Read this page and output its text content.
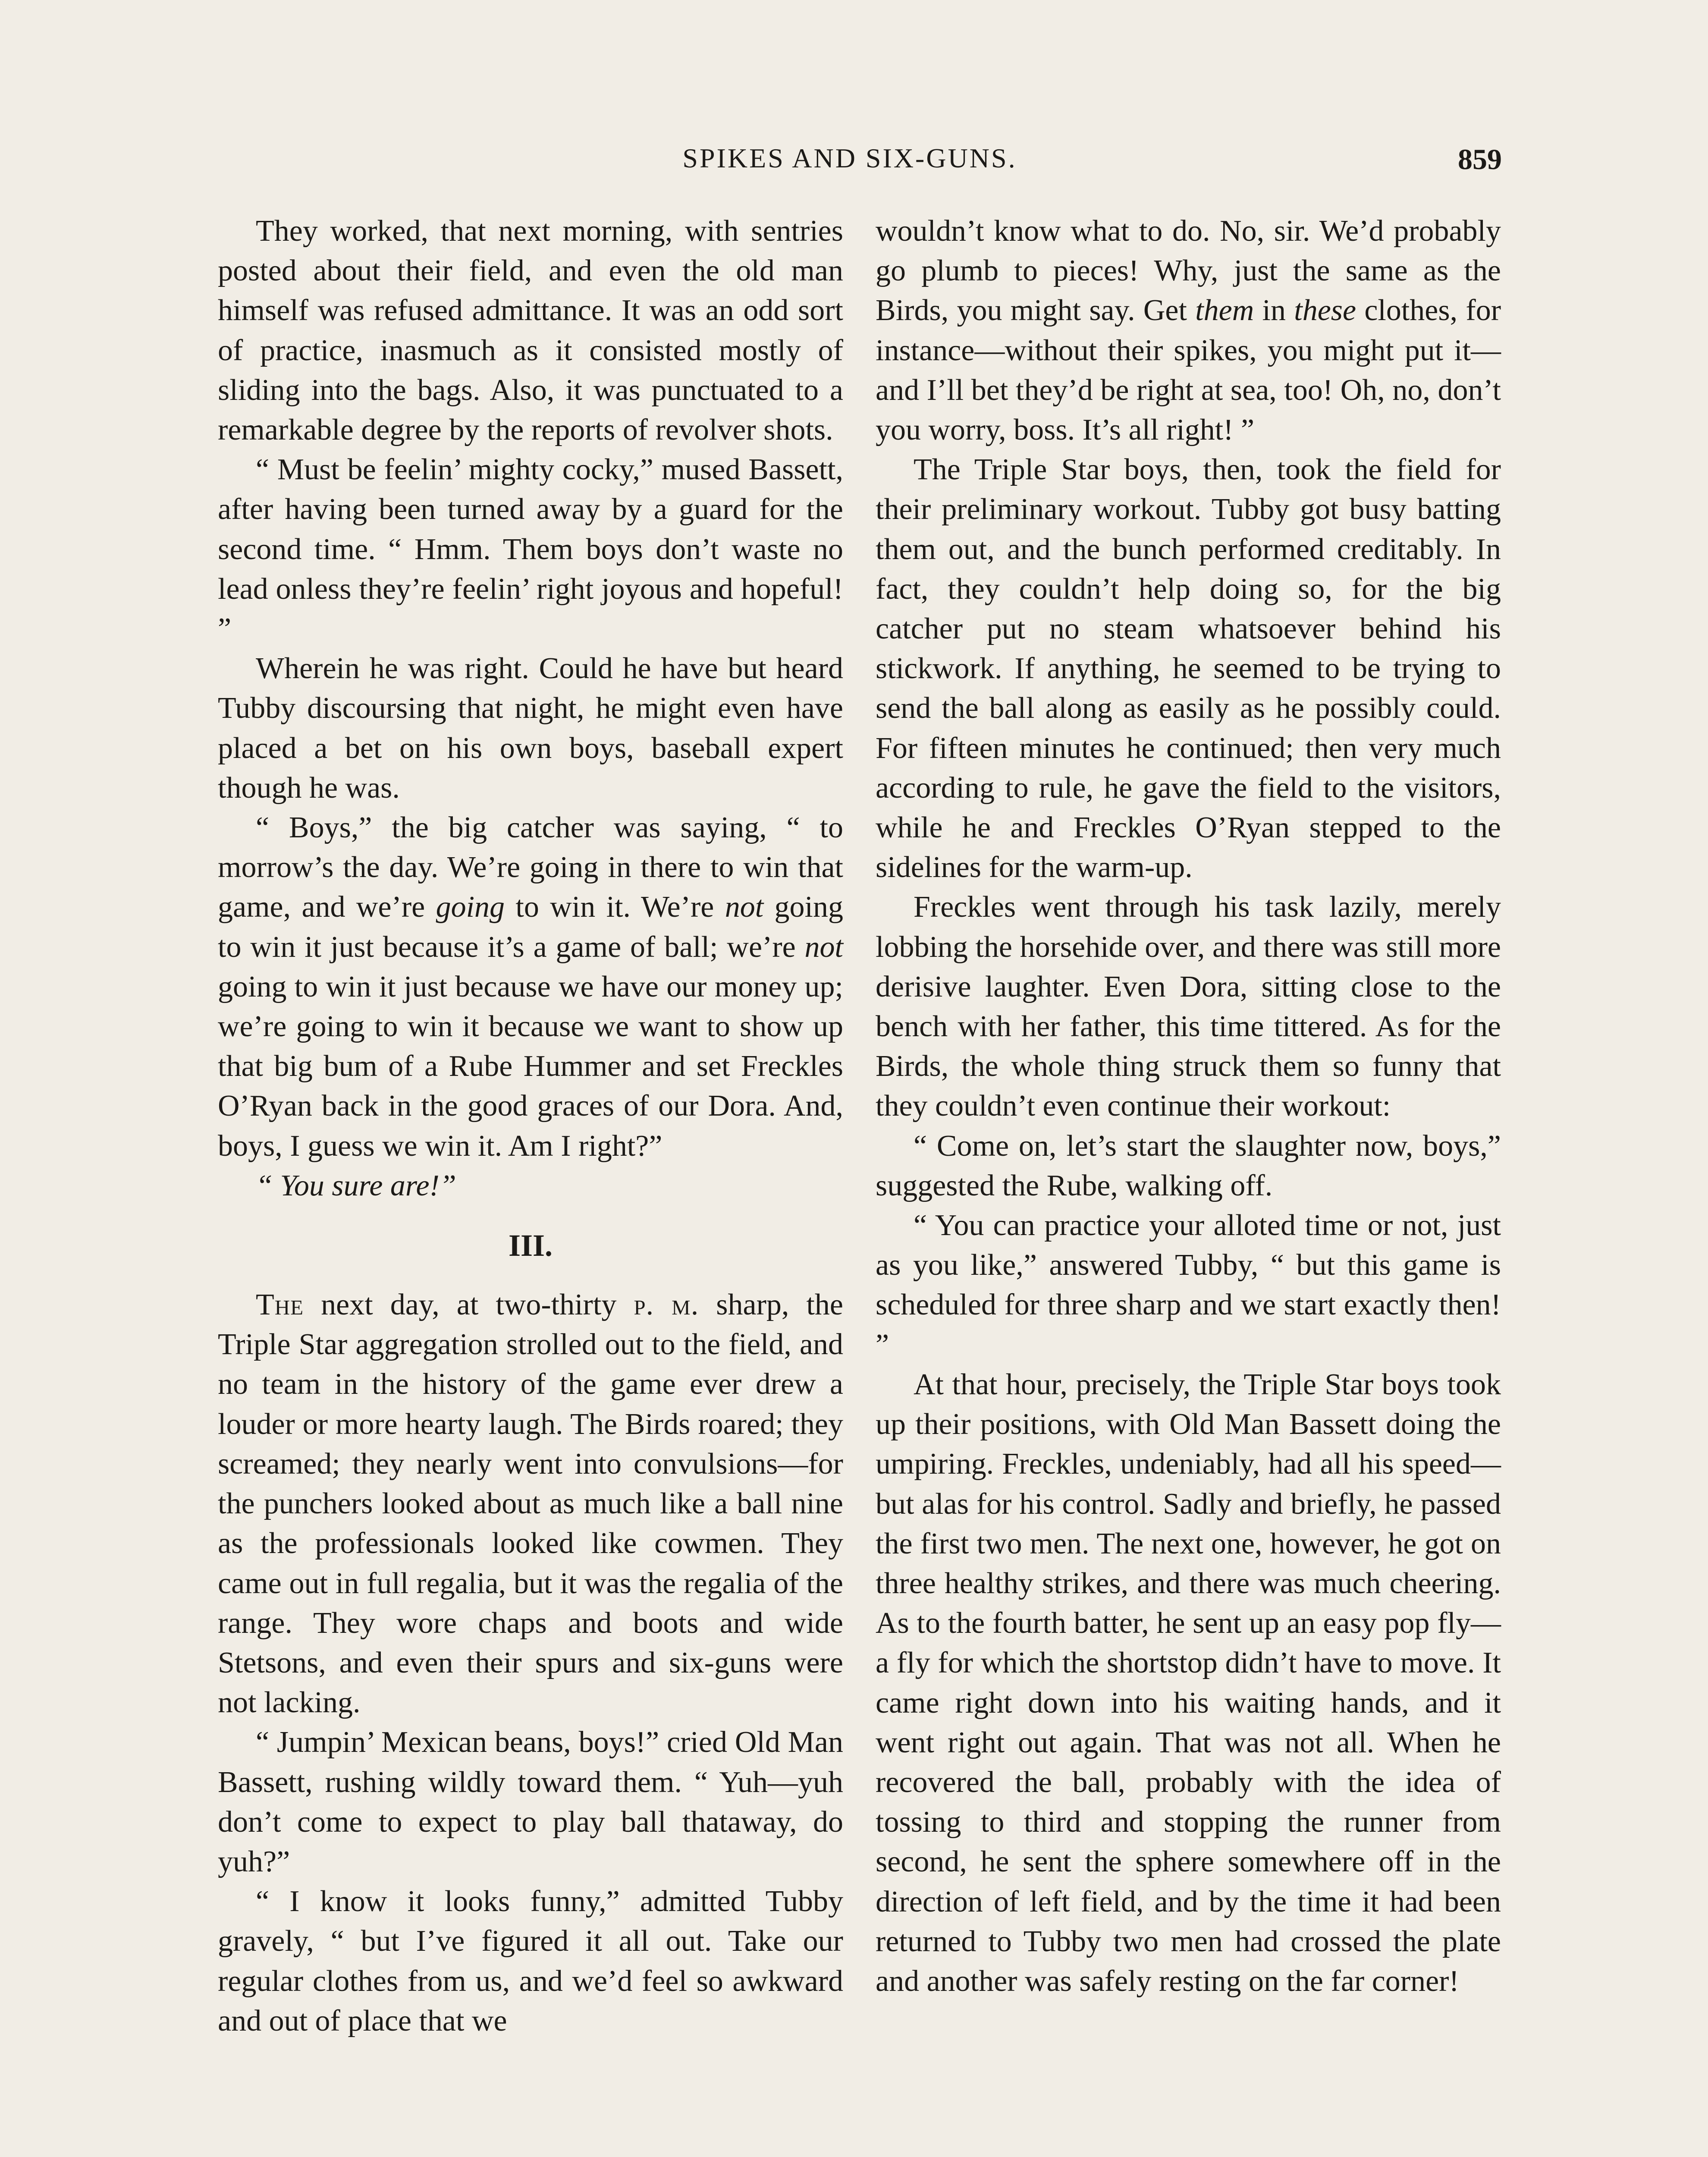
SPIKES AND SIX-GUNS.	859

They worked, that next morning, with sentries posted about their field, and even the old man himself was refused admittance. It was an odd sort of practice, inasmuch as it consisted mostly of sliding into the bags. Also, it was punctuated to a remarkable degree by the reports of revolver shots.

“ Must be feelin’ mighty cocky,” mused Bassett, after having been turned away by a guard for the second time. “ Hmm. Them boys don’t waste no lead onless they’re feelin’ right joyous and hopeful! ”

Wherein he was right. Could he have but heard Tubby discoursing that night, he might even have placed a bet on his own boys, baseball expert though he was.

“ Boys,” the big catcher was saying, “ to morrow’s the day. We’re going in there to win that game, and we’re going to win it. We’re not going to win it just because it’s a game of ball; we’re not going to win it just because we have our money up; we’re going to win it because we want to show up that big bum of a Rube Hummer and set Freckles O’Ryan back in the good graces of our Dora. And, boys, I guess we win it. Am I right?”

“ You sure are!”

III.

The next day, at two-thirty p. m. sharp, the Triple Star aggregation strolled out to the field, and no team in the history of the game ever drew a louder or more hearty laugh. The Birds roared; they screamed; they nearly went into convulsions—for the punchers looked about as much like a ball nine as the professionals looked like cowmen. They came out in full regalia, but it was the regalia of the range. They wore chaps and boots and wide Stetsons, and even their spurs and six-guns were not lacking.

“ Jumpin’ Mexican beans, boys!” cried Old Man Bassett, rushing wildly toward them. “ Yuh—yuh don’t come to expect to play ball thataway, do yuh?”

“ I know it looks funny,” admitted Tubby gravely, “ but I’ve figured it all out. Take our regular clothes from us, and we’d feel so awkward and out of place that we

wouldn’t know what to do. No, sir. We’d probably go plumb to pieces! Why, just the same as the Birds, you might say. Get them in these clothes, for instance—without their spikes, you might put it—and I’ll bet they’d be right at sea, too! Oh, no, don’t you worry, boss. It’s all right! ”

The Triple Star boys, then, took the field for their preliminary workout. Tubby got busy batting them out, and the bunch performed creditably. In fact, they couldn’t help doing so, for the big catcher put no steam whatsoever behind his stickwork. If anything, he seemed to be trying to send the ball along as easily as he possibly could. For fifteen minutes he continued; then very much according to rule, he gave the field to the visitors, while he and Freckles O’Ryan stepped to the sidelines for the warm-up.

Freckles went through his task lazily, merely lobbing the horsehide over, and there was still more derisive laughter. Even Dora, sitting close to the bench with her father, this time tittered. As for the Birds, the whole thing struck them so funny that they couldn’t even continue their workout:

“ Come on, let’s start the slaughter now, boys,” suggested the Rube, walking off.

“ You can practice your alloted time or not, just as you like,” answered Tubby, “ but this game is scheduled for three sharp and we start exactly then! ”

At that hour, precisely, the Triple Star boys took up their positions, with Old Man Bassett doing the umpiring. Freckles, undeniably, had all his speed—but alas for his control. Sadly and briefly, he passed the first two men. The next one, however, he got on three healthy strikes, and there was much cheering. As to the fourth batter, he sent up an easy pop fly—a fly for which the shortstop didn’t have to move. It came right down into his waiting hands, and it went right out again. That was not all. When he recovered the ball, probably with the idea of tossing to third and stopping the runner from second, he sent the sphere somewhere off in the direction of left field, and by the time it had been returned to Tubby two men had crossed the plate and another was safely resting on the far corner!
